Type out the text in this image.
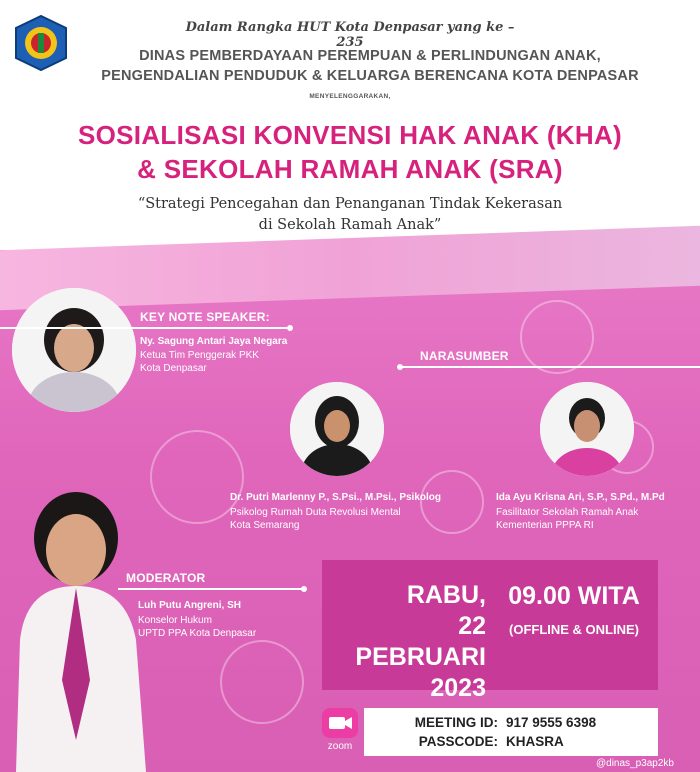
Dalam Rangka HUT Kota Denpasar yang ke – 235
DINAS PEMBERDAYAAN PEREMPUAN & PERLINDUNGAN ANAK,
PENGENDALIAN PENDUDUK & KELUARGA BERENCANA KOTA DENPASAR
MENYELENGGARAKAN,
SOSIALISASI KONVENSI HAK ANAK (KHA)
& SEKOLAH RAMAH ANAK (SRA)
“Strategi Pencegahan dan Penanganan Tindak Kekerasan
di Sekolah Ramah Anak”
KEY NOTE SPEAKER:
Ny. Sagung Antari Jaya Negara
Ketua Tim Penggerak PKK
Kota Denpasar
NARASUMBER
Dr. Putri Marlenny P., S.Psi., M.Psi., Psikolog
Psikolog Rumah Duta Revolusi Mental
Kota Semarang
Ida Ayu Krisna Ari, S.P., S.Pd., M.Pd
Fasilitator Sekolah Ramah Anak
Kementerian PPPA RI
MODERATOR
Luh Putu Angreni, SH
Konselor Hukum
UPTD PPA Kota Denpasar
RABU,
22 PEBRUARI
2023
09.00 WITA
(OFFLINE & ONLINE)
zoom
MEETING ID: 917 9555 6398
PASSCODE: KHASRA
@dinas_p3ap2kb
